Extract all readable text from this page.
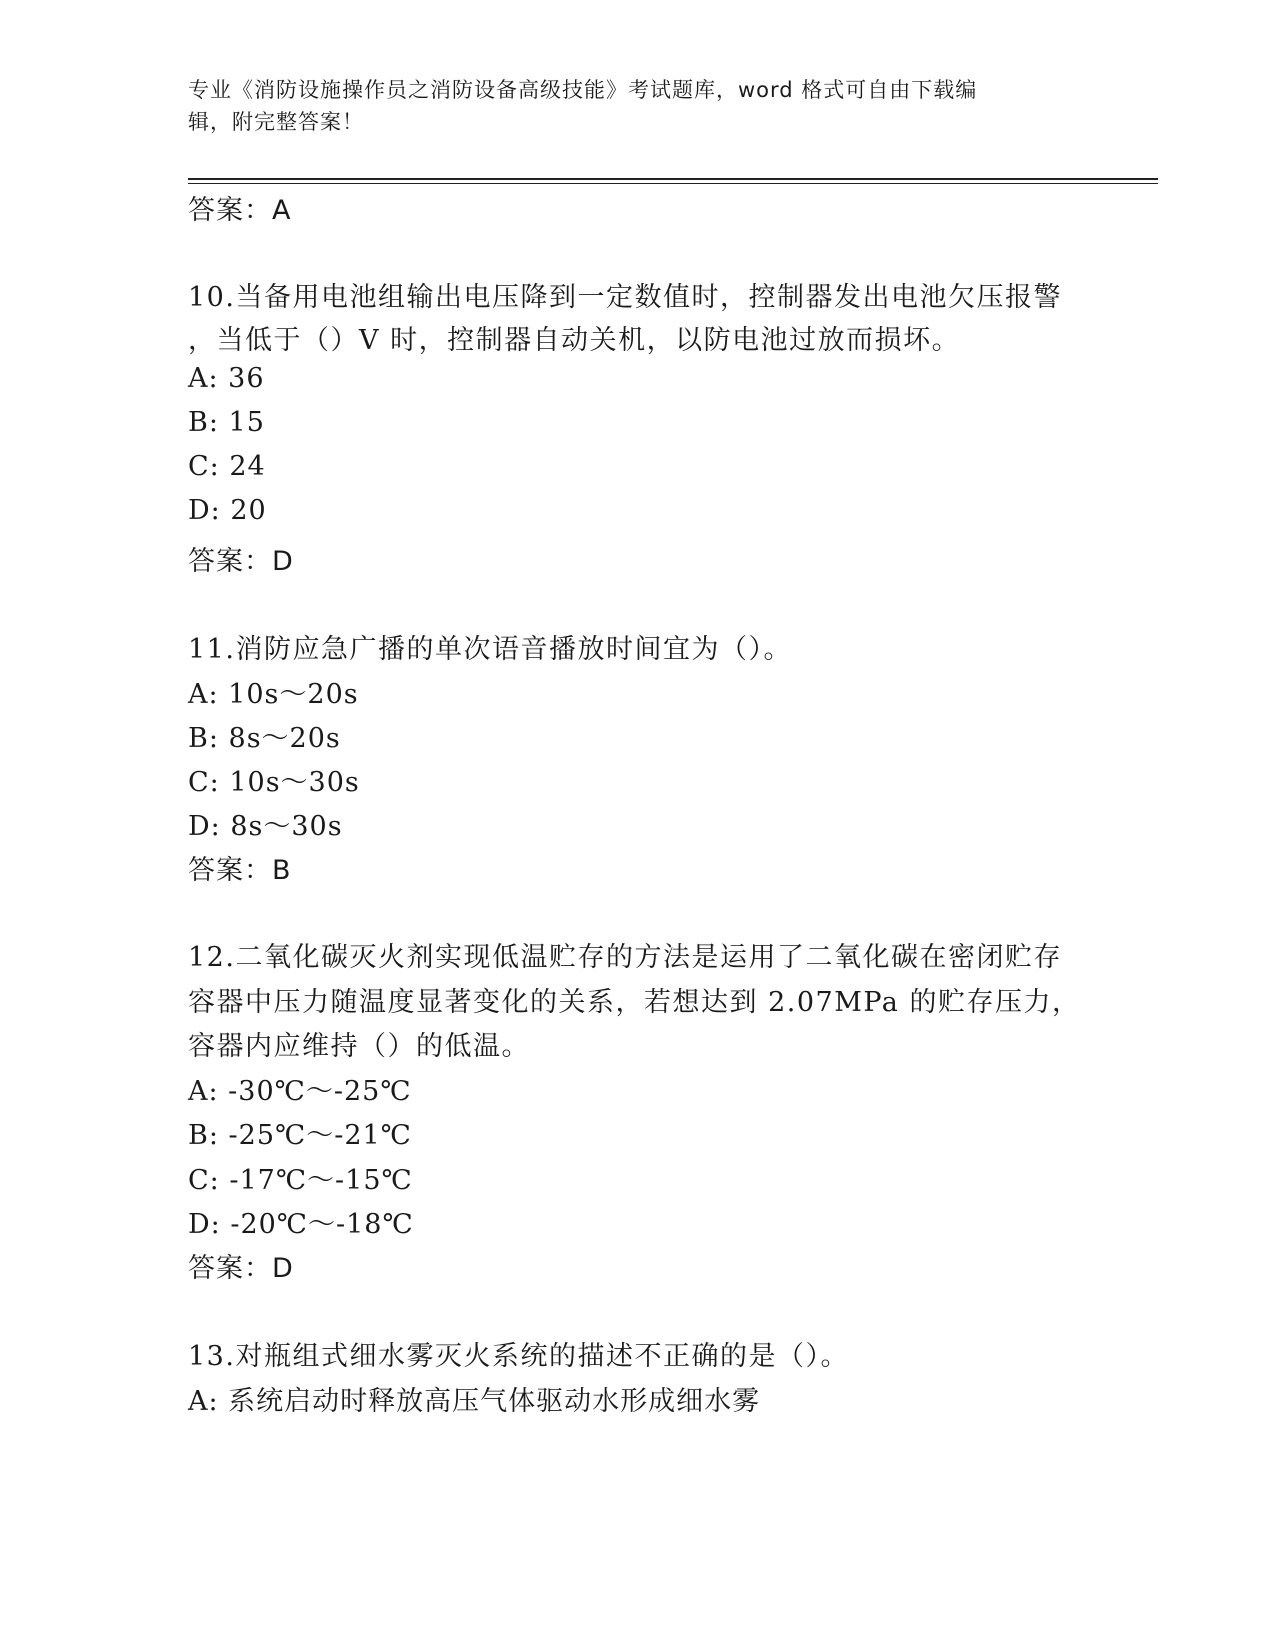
专业《消防设施操作员之消防设备高级技能》考试题库，word 格式可自由下载编
辑，附完整答案！
答案：A
10.当备用电池组输出电压降到一定数值时，控制器发出电池欠压报警
，当低于（）V 时，控制器自动关机，以防电池过放而损坏。
A: 36
B: 15
C: 24
D: 20
答案：D
11.消防应急广播的单次语音播放时间宜为（）。
A: 10s～20s
B: 8s～20s
C: 10s～30s
D: 8s～30s
答案：B
12.二氧化碳灭火剂实现低温贮存的方法是运用了二氧化碳在密闭贮存
容器中压力随温度显著变化的关系，若想达到 2.07MPa 的贮存压力，
容器内应维持（）的低温。
A: -30℃～-25℃
B: -25℃～-21℃
C: -17℃～-15℃
D: -20℃～-18℃
答案：D
13.对瓶组式细水雾灭火系统的描述不正确的是（）。
A: 系统启动时释放高压气体驱动水形成细水雾
